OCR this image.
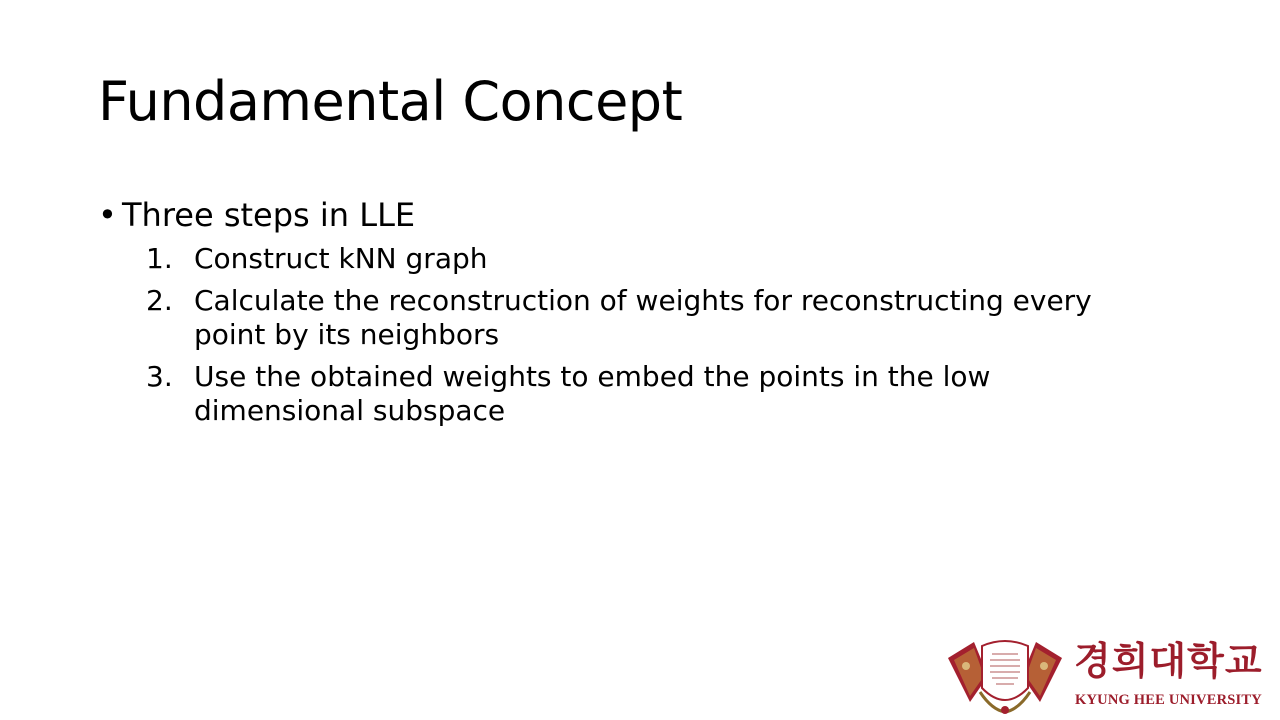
Fundamental Concept
• Three steps in LLE
1. Construct kNN graph
2. Calculate the reconstruction of weights for reconstructing every point by its neighbors
3. Use the obtained weights to embed the points in the low dimensional subspace
경희대학교
KYUNG HEE UNIVERSITY
